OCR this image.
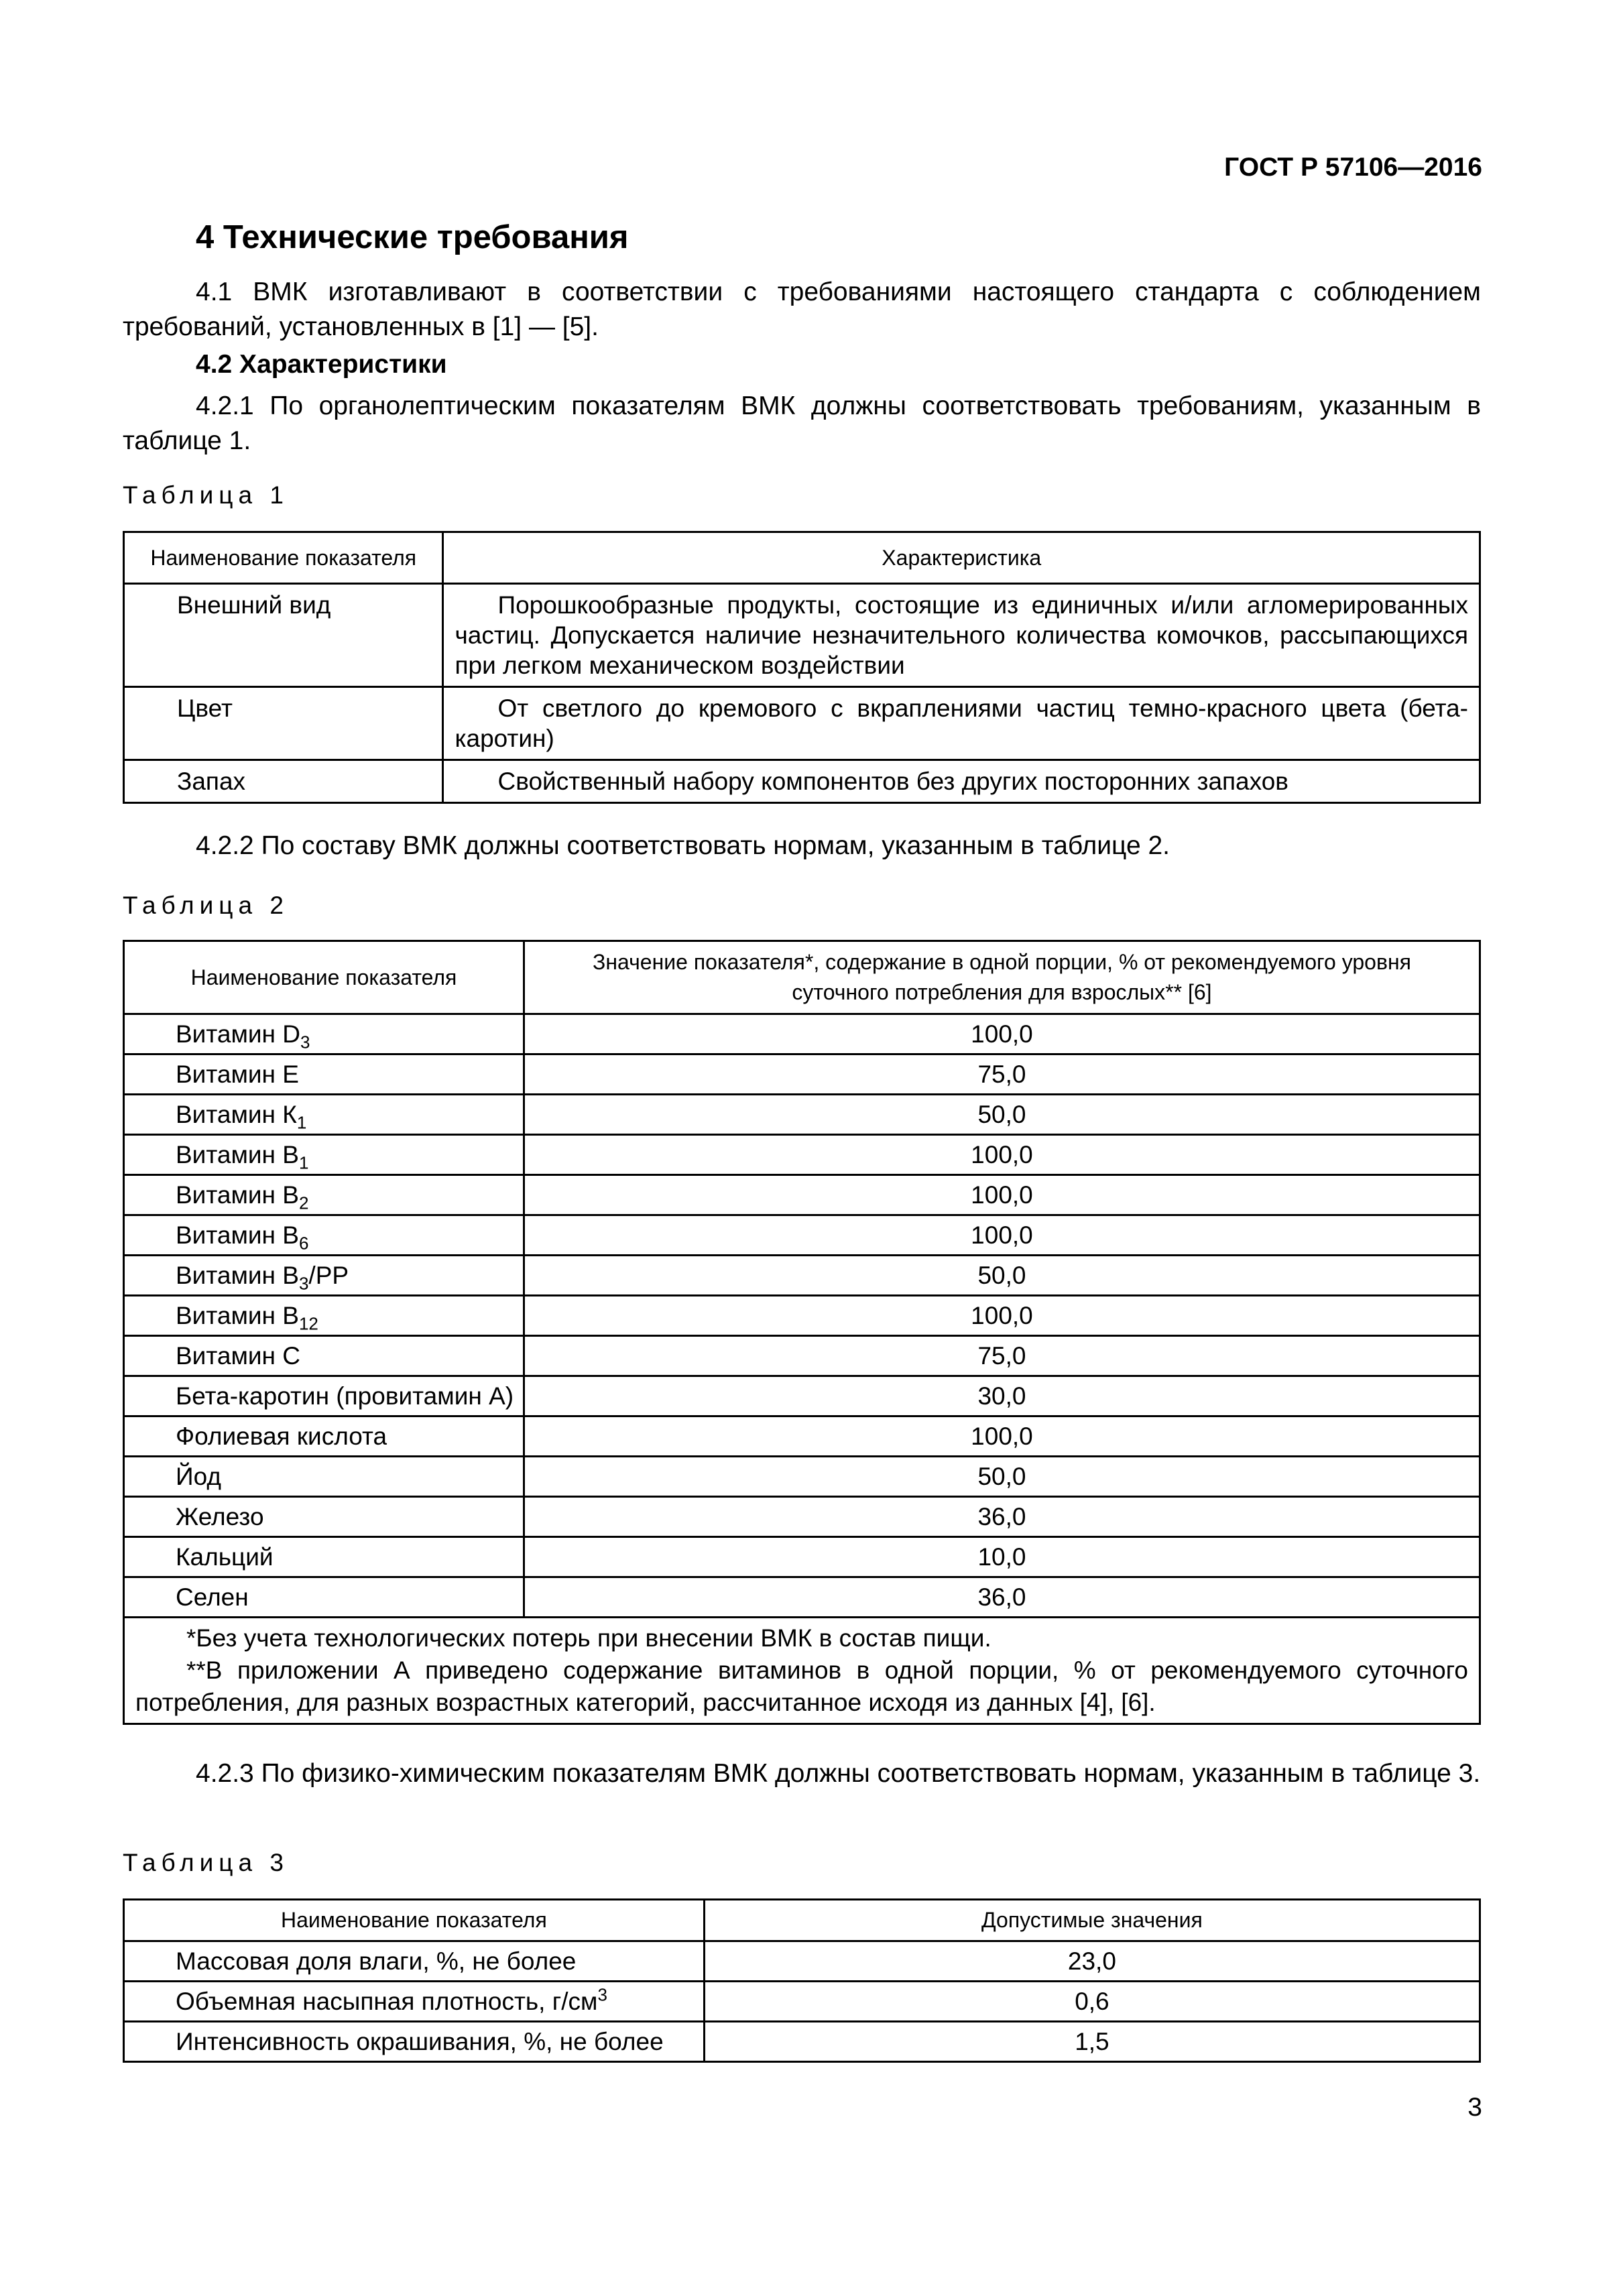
ГОСТ Р 57106—2016
4 Технические требования
4.1 ВМК изготавливают в соответствии с требованиями настоящего стандарта с соблюдением требований, установленных в [1] — [5].
4.2 Характеристики
4.2.1 По органолептическим показателям ВМК должны соответствовать требованиям, указанным в таблице 1.
Таблица 1
Наименование показателя	Характеристика
Внешний вид	Порошкообразные продукты, состоящие из единичных и/или агломерированных частиц. Допускается наличие незначительного количества комочков, рассыпающихся при легком механическом воздействии
Цвет	От светлого до кремового с вкраплениями частиц темно-красного цвета (бета-каротин)
Запах	Свойственный набору компонентов без других посторонних запахов
4.2.2 По составу ВМК должны соответствовать нормам, указанным в таблице 2.
Таблица 2
Наименование показателя	Значение показателя*, содержание в одной порции, % от рекомендуемого уровня суточного потребления для взрослых** [6]
Витамин $D_3$	100,0
Витамин Е	75,0
Витамин $К_1$	50,0
Витамин $В_1$	100,0
Витамин $В_2$	100,0
Витамин $В_6$	100,0
Витамин $В_3/РР$	50,0
Витамин $В_{12}$	100,0
Витамин С	75,0
Бета-каротин (провитамин А)	30,0
Фолиевая кислота	100,0
Йод	50,0
Железо	36,0
Кальций	10,0
Селен	36,0

*Без учета технологических потерь при внесении ВМК в состав пищи.
**В приложении А приведено содержание витаминов в одной порции, % от рекомендуемого суточного потребления, для разных возрастных категорий, рассчитанное исходя из данных [4], [6].	
4.2.3 По физико-химическим показателям ВМК должны соответствовать нормам, указанным в таблице 3.
Таблица 3
Наименование показателя	Допустимые значения
Массовая доля влаги, %, не более	23,0
Объемная насыпная плотность, $г/см^3$	0,6
Интенсивность окрашивания, %, не более	1,5
3
